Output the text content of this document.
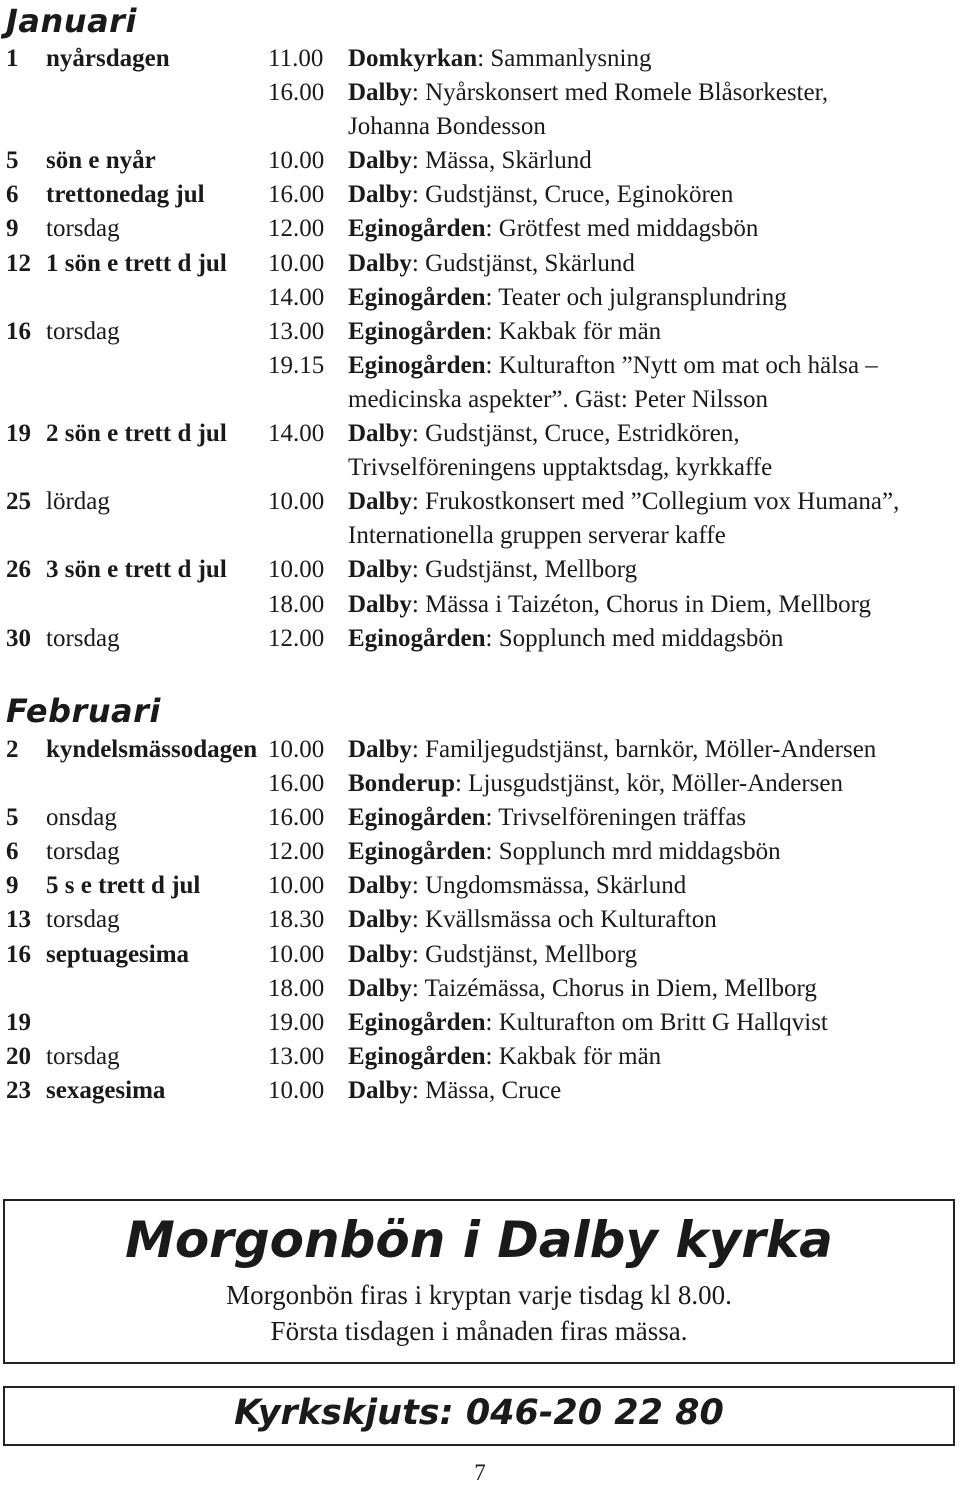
Januari
1 nyårsdagen	11.00 Domkyrkan: Sammanlysning
16.00 Dalby: Nyårskonsert med Romele Blåsorkester,
Johanna Bondesson
5 sön e nyår	10.00 Dalby: Mässa, Skärlund
6 trettonedag jul	16.00 Dalby: Gudstjänst, Cruce, Eginokören
9 torsdag	12.00 Eginogården: Grötfest med middagsbön
12 1 sön e trett d jul 10.00 Dalby: Gudstjänst, Skärlund
14.00 Eginogården: Teater och julgransplundring
16 torsdag	13.00 Eginogården: Kakbak för män
19.15 Eginogården: Kulturafton ”Nytt om mat och hälsa –
medicinska aspekter”. Gäst: Peter Nilsson
19 2 sön e trett d jul 14.00 Dalby: Gudstjänst, Cruce, Estridkören,
Trivselföreningens upptaktsdag, kyrkkaffe
25 lördag	10.00 Dalby: Frukostkonsert med ”Collegium vox Humana”,
Internationella gruppen serverar kaffe
26 3 sön e trett d jul 10.00 Dalby: Gudstjänst, Mellborg
18.00 Dalby: Mässa i Taizéton, Chorus in Diem, Mellborg
30 torsdag	12.00 Eginogården: Sopplunch med middagsbön
Februari
2 kyndelsmässodagen 10.00 Dalby: Familjegudstjänst, barnkör, Möller-Andersen
16.00 Bonderup: Ljusgudstjänst, kör, Möller-Andersen
5 onsdag	16.00 Eginogården: Trivselföreningen träffas
6 torsdag	12.00 Eginogården: Sopplunch mrd middagsbön
9 5 s e trett d jul	10.00 Dalby: Ungdomsmässa, Skärlund
13 torsdag	18.30 Dalby: Kvällsmässa och Kulturafton
16 septuagesima	10.00 Dalby: Gudstjänst, Mellborg
18.00 Dalby: Taizémässa, Chorus in Diem, Mellborg
19	19.00 Eginogården: Kulturafton om Britt G Hallqvist
20 torsdag	13.00 Eginogården: Kakbak för män
23 sexagesima	10.00 Dalby: Mässa, Cruce
Morgonbön i Dalby kyrka
Morgonbön firas i kryptan varje tisdag kl 8.00.
Första tisdagen i månaden firas mässa.
Kyrkskjuts: 046-20 22 80
7
